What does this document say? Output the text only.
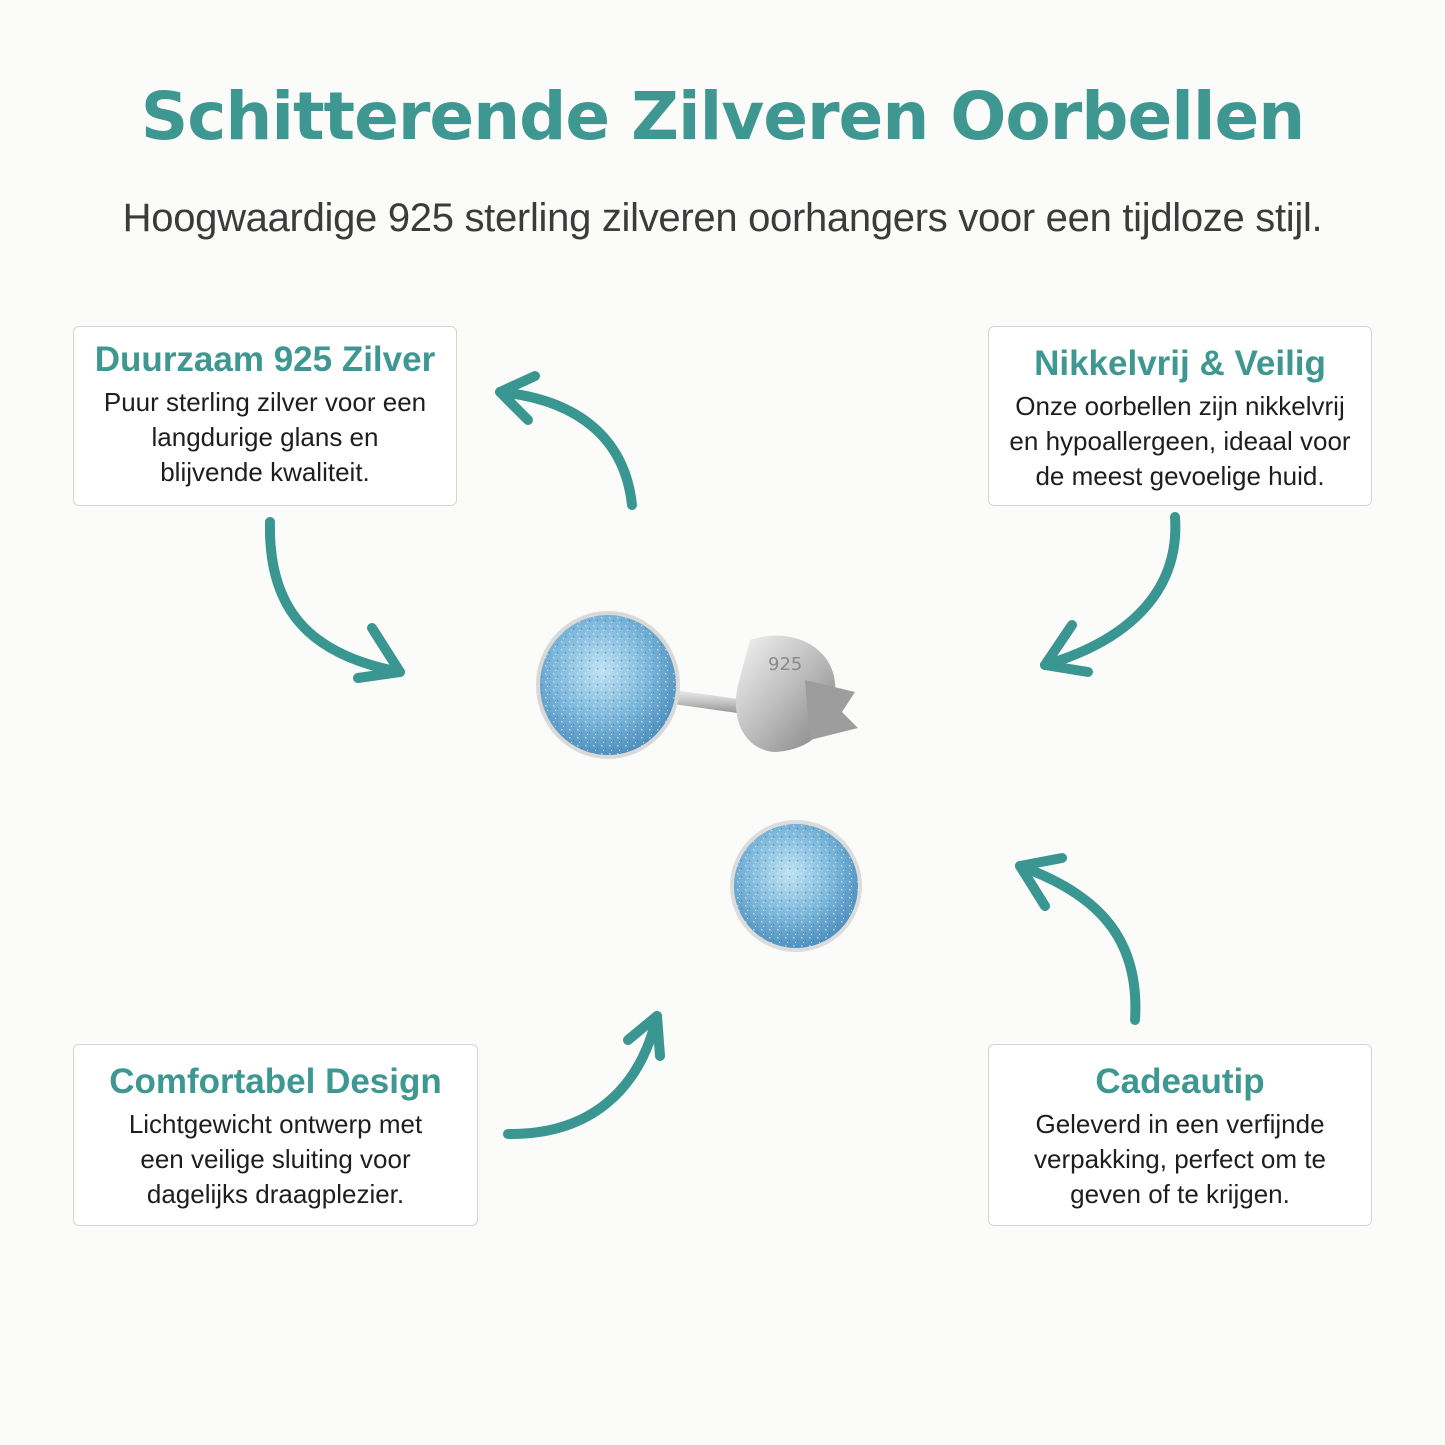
Schitterende Zilveren Oorbellen
Hoogwaardige 925 sterling zilveren oorhangers voor een tijdloze stijl.
Duurzaam 925 Zilver
Puur sterling zilver voor een
langdurige glans en
blijvende kwaliteit.
Nikkelvrij & Veilig
Onze oorbellen zijn nikkelvrij
en hypoallergeen, ideaal voor
de meest gevoelige huid.
Comfortabel Design
Lichtgewicht ontwerp met
een veilige sluiting voor
dagelijks draagplezier.
Cadeautip
Geleverd in een verfijnde
verpakking, perfect om te
geven of te krijgen.
925
